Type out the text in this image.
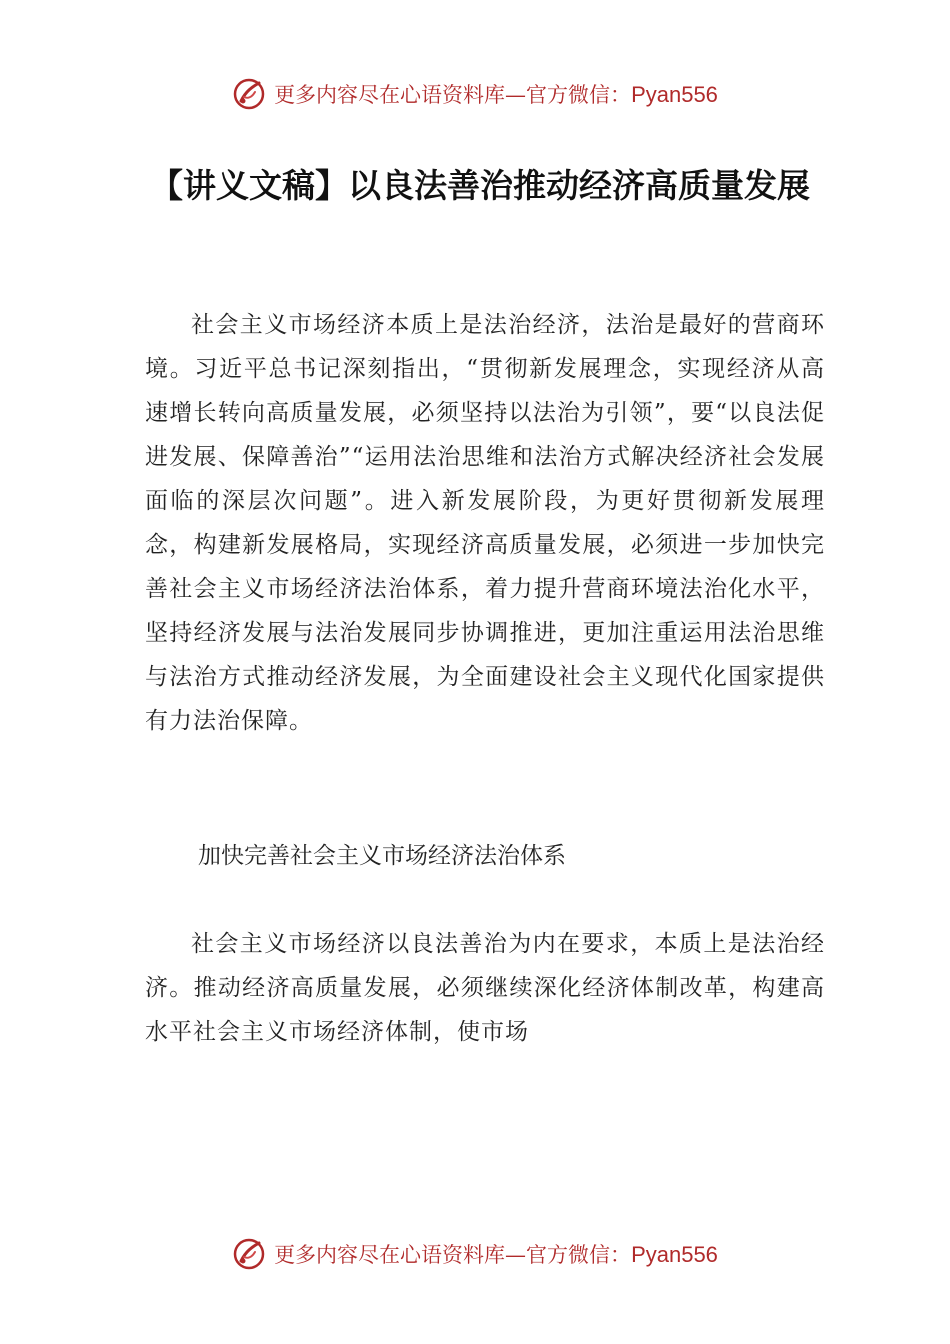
更多内容尽在心语资料库—官方微信：Pyan556
【讲义文稿】以良法善治推动经济高质量发展

社会主义市场经济本质上是法治经济，法治是最好的营商环境。习近平总书记深刻指出，“贯彻新发展理念，实现经济从高速增长转向高质量发展，必须坚持以法治为引领”，要“以良法促进发展、保障善治”“运用法治思维和法治方式解决经济社会发展面临的深层次问题”。进入新发展阶段，为更好贯彻新发展理念，构建新发展格局，实现经济高质量发展，必须进一步加快完善社会主义市场经济法治体系，着力提升营商环境法治化水平，坚持经济发展与法治发展同步协调推进，更加注重运用法治思维与法治方式推动经济发展，为全面建设社会主义现代化国家提供有力法治保障。

加快完善社会主义市场经济法治体系

社会主义市场经济以良法善治为内在要求，本质上是法治经济。推动经济高质量发展，必须继续深化经济体制改革，构建高水平社会主义市场经济体制，使市场

更多内容尽在心语资料库—官方微信：Pyan556
